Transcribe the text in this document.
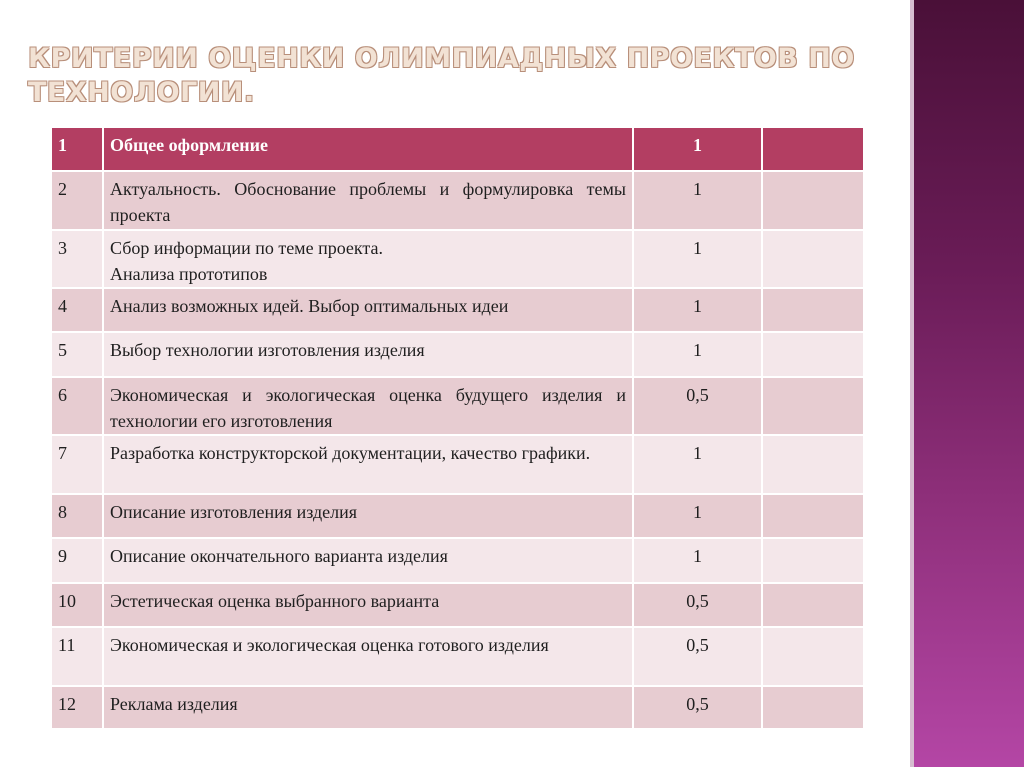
КРИТЕРИИ ОЦЕНКИ ОЛИМПИАДНЫХ ПРОЕКТОВ ПО ТЕХНОЛОГИИ.
1	Общее оформление	1	
2	Актуальность. Обоснование проблемы и формулировка темы проекта	1	
3	Сбор информации по теме проекта.
Анализа прототипов	1	
4	Анализ возможных идей. Выбор оптимальных идеи	1	
5	Выбор технологии изготовления изделия	1	
6	Экономическая и экологическая оценка будущего изделия и технологии его изготовления	0,5	
7	Разработка конструкторской документации, качество графики.	1	
8	Описание изготовления изделия	1	
9	Описание окончательного варианта изделия	1	
10	Эстетическая оценка выбранного варианта	0,5	
11	Экономическая и экологическая оценка готового изделия	0,5	
12	Реклама изделия	0,5	
